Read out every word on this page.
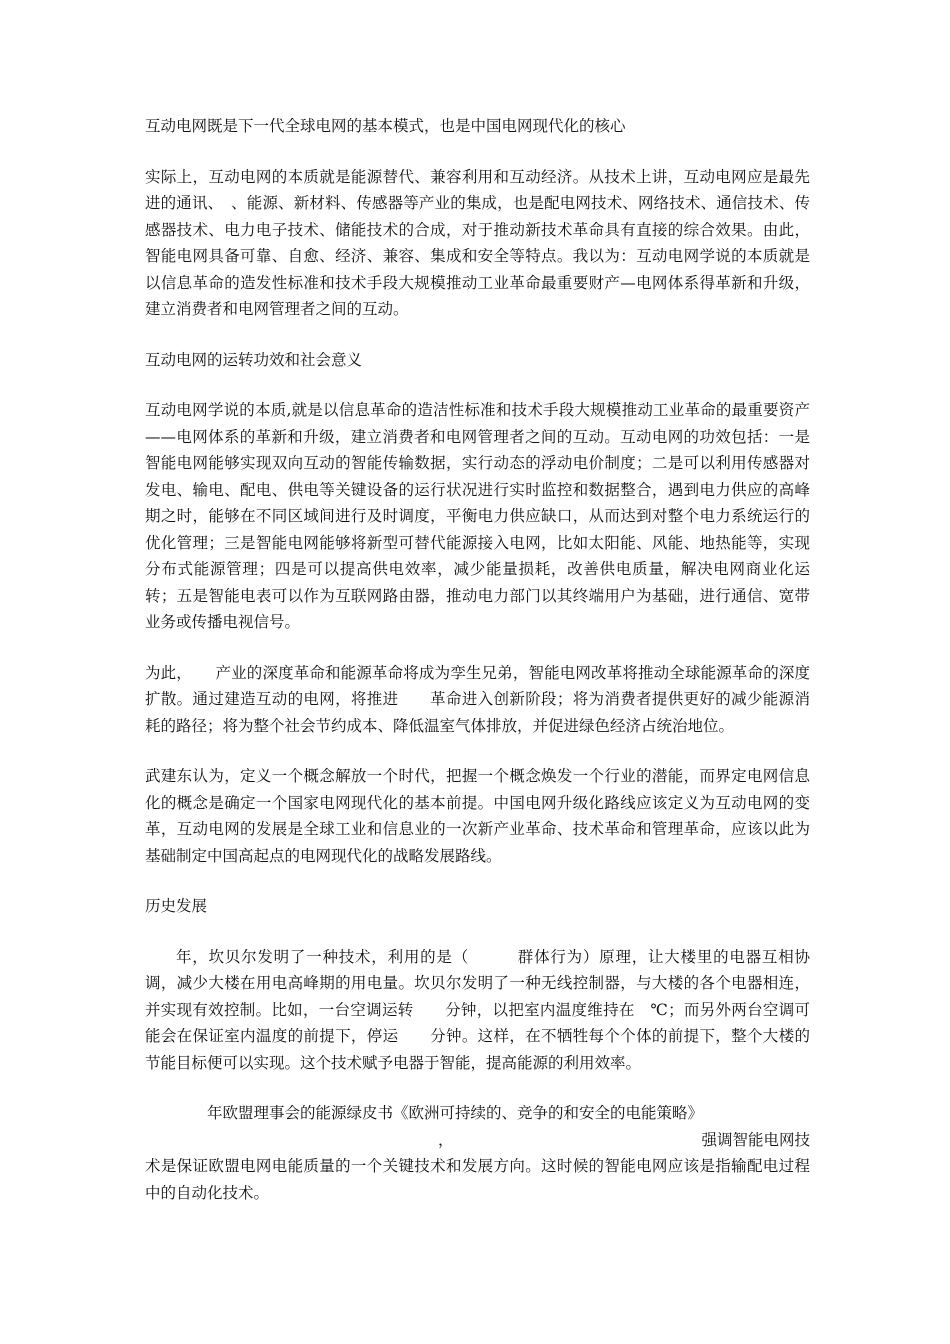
互动电网既是下一代全球电网的基本模式，也是中国电网现代化的核心

实际上，互动电网的本质就是能源替代、兼容利用和互动经济。从技术上讲，互动电网应是最先进的通讯、　、能源、新材料、传感器等产业的集成，也是配电网技术、网络技术、通信技术、传感器技术、电力电子技术、储能技术的合成，对于推动新技术革命具有直接的综合效果。由此，智能电网具备可靠、自愈、经济、兼容、集成和安全等特点。我以为：互动电网学说的本质就是以信息革命的造发性标准和技术手段大规模推动工业革命最重要财产—电网体系得革新和升级，建立消费者和电网管理者之间的互动。

互动电网的运转功效和社会意义

互动电网学说的本质,就是以信息革命的造洁性标准和技术手段大规模推动工业革命的最重要资产——电网体系的革新和升级，建立消费者和电网管理者之间的互动。互动电网的功效包括：一是智能电网能够实现双向互动的智能传输数据，实行动态的浮动电价制度；二是可以利用传感器对发电、输电、配电、供电等关键设备的运行状况进行实时监控和数据整合，遇到电力供应的高峰期之时，能够在不同区域间进行及时调度，平衡电力供应缺口，从而达到对整个电力系统运行的优化管理；三是智能电网能够将新型可替代能源接入电网，比如太阳能、风能、地热能等，实现分布式能源管理；四是可以提高供电效率，减少能量损耗，改善供电质量，解决电网商业化运转；五是智能电表可以作为互联网路由器，推动电力部门以其终端用户为基础，进行通信、宽带业务或传播电视信号。

为此，　　产业的深度革命和能源革命将成为孪生兄弟，智能电网改革将推动全球能源革命的深度扩散。通过建造互动的电网，将推进　　革命进入创新阶段；将为消费者提供更好的减少能源消耗的路径；将为整个社会节约成本、降低温室气体排放，并促进绿色经济占统治地位。

武建东认为，定义一个概念解放一个时代，把握一个概念焕发一个行业的潜能，而界定电网信息化的概念是确定一个国家电网现代化的基本前提。中国电网升级化路线应该定义为互动电网的变革，互动电网的发展是全球工业和信息业的一次新产业革命、技术革命和管理革命，应该以此为基础制定中国高起点的电网现代化的战略发展路线。

历史发展

年，坎贝尔发明了一种技术，利用的是（　　　群体行为）原理，让大楼里的电器互相协调，减少大楼在用电高峰期的用电量。坎贝尔发明了一种无线控制器，与大楼的各个电器相连，并实现有效控制。比如，一台空调运转　　分钟，以把室内温度维持在　℃；而另外两台空调可能会在保证室内温度的前提下，停运　　分钟。这样，在不牺牲每个个体的前提下，整个大楼的节能目标便可以实现。这个技术赋予电器于智能，提高能源的利用效率。

年欧盟理事会的能源绿皮书《欧洲可持续的、竞争的和安全的电能策略》
，	强调智能电网技
术是保证欧盟电网电能质量的一个关键技术和发展方向。这时候的智能电网应该是指输配电过程中的自动化技术。
